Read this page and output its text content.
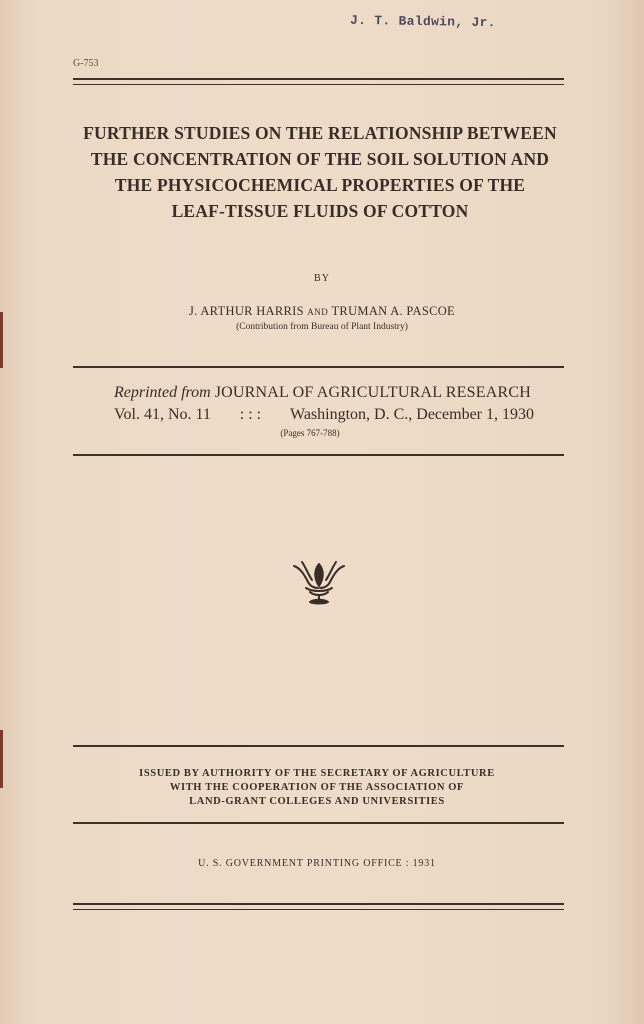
J. T. Baldwin, Jr.
G-753
FURTHER STUDIES ON THE RELATIONSHIP BETWEEN
THE CONCENTRATION OF THE SOIL SOLUTION AND
THE PHYSICOCHEMICAL PROPERTIES OF THE
LEAF-TISSUE FLUIDS OF COTTON
BY
J. ARTHUR HARRIS AND TRUMAN A. PASCOE
(Contribution from Bureau of Plant Industry)
Reprinted from JOURNAL OF AGRICULTURAL RESEARCH
Vol. 41, No. 11 : : : Washington, D. C., December 1, 1930
(Pages 767-788)
ISSUED BY AUTHORITY OF THE SECRETARY OF AGRICULTURE
WITH THE COOPERATION OF THE ASSOCIATION OF
LAND-GRANT COLLEGES AND UNIVERSITIES
U. S. GOVERNMENT PRINTING OFFICE : 1931
